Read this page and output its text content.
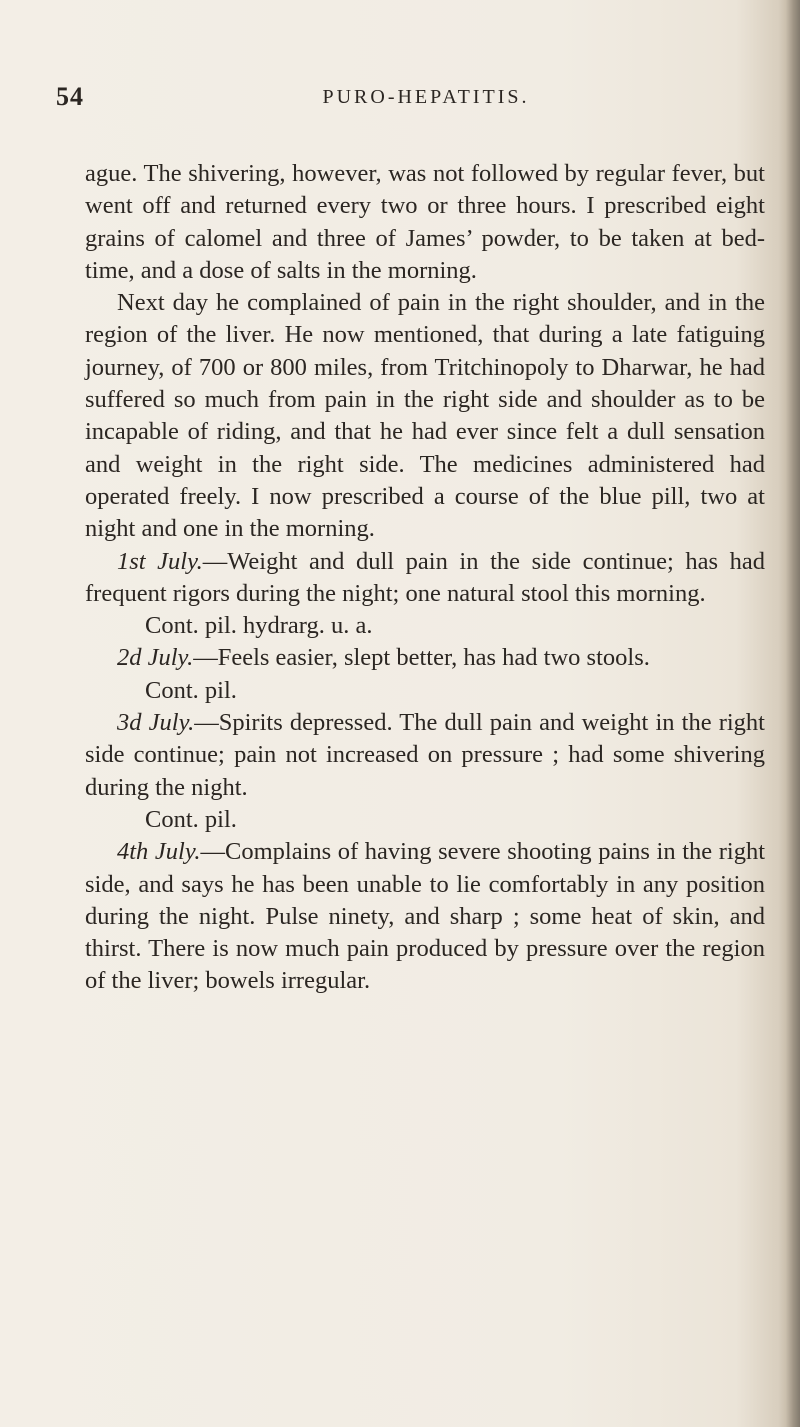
54	PURO-HEPATITIS.

ague. The shivering, however, was not followed by regular fever, but went off and returned every two or three hours. I prescribed eight grains of calomel and three of James’ powder, to be taken at bed-time, and a dose of salts in the morning.

Next day he complained of pain in the right shoulder, and in the region of the liver. He now mentioned, that during a late fatiguing journey, of 700 or 800 miles, from Tritchinopoly to Dharwar, he had suffered so much from pain in the right side and shoulder as to be incapable of riding, and that he had ever since felt a dull sensation and weight in the right side. The medicines administered had operated freely. I now prescribed a course of the blue pill, two at night and one in the morning.

1st July.—Weight and dull pain in the side continue; has had frequent rigors during the night; one natural stool this morning.

Cont. pil. hydrarg. u. a.

2d July.—Feels easier, slept better, has had two stools.

Cont. pil.

3d July.—Spirits depressed. The dull pain and weight in the right side continue; pain not increased on pressure ; had some shivering during the night.

Cont. pil.

4th July.—Complains of having severe shooting pains in the right side, and says he has been unable to lie comfortably in any position during the night. Pulse ninety, and sharp ; some heat of skin, and thirst. There is now much pain produced by pressure over the region of the liver; bowels irregular.
